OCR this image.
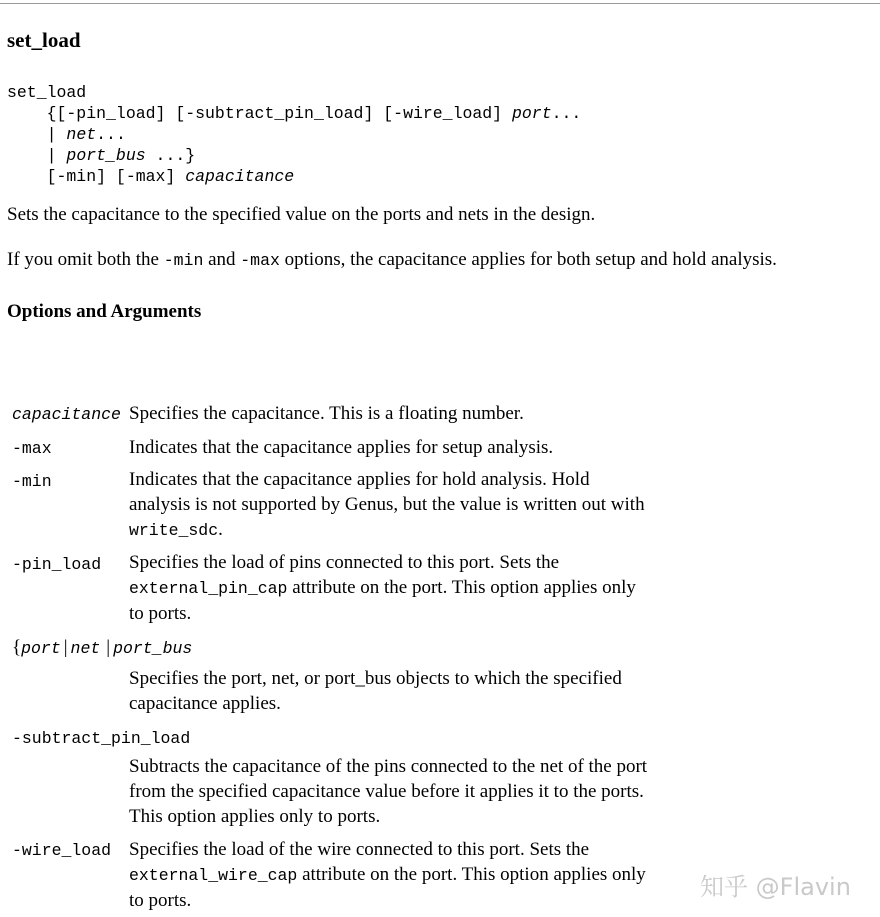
set_load
set_load
{[-pin_load] [-subtract_pin_load] [-wire_load] port...
| net...
| port_bus ...}
[-min] [-max] capacitance

Sets the capacitance to the specified value on the ports and nets in the design.

If you omit both the -min and -max options, the capacitance applies for both setup and hold analysis.

Options and Arguments
capacitance Specifies the capacitance. This is a floating number.
-max	Indicates that the capacitance applies for setup analysis.
-min	Indicates that the capacitance applies for hold analysis. Hold analysis is not supported by Genus, but the value is written out with write_sdc.
-pin_load Specifies the load of pins connected to this port. Sets the external_pin_cap attribute on the port. This option applies only to ports.
{port | net | port_bus
Specifies the port, net, or port_bus objects to which the specified capacitance applies.
-subtract_pin_load
Subtracts the capacitance of the pins connected to the net of the port from the specified capacitance value before it applies it to the ports. This option applies only to ports.
-wire_load Specifies the load of the wire connected to this port. Sets the external_wire_cap attribute on the port. This option applies only to ports.	知乎 @Flavin
